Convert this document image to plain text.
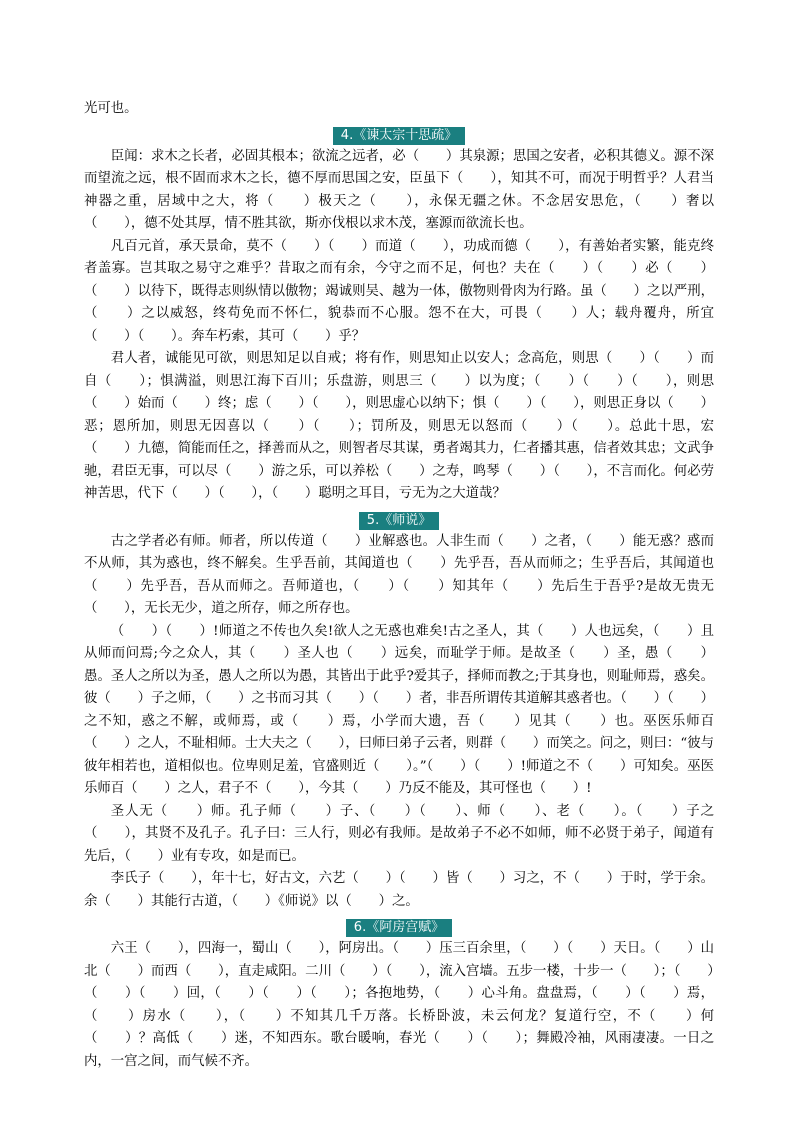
光可也。

4.《谏太宗十思疏》

臣闻：求木之长者，必固其根本；欲流之远者，必（　　）其泉源；思国之安者，必积其德义。源不深而望流之远，根不固而求木之长，德不厚而思国之安，臣虽下（　　），知其不可，而况于明哲乎？人君当神器之重，居域中之大，将（　　）极天之（　　），永保无疆之休。不念居安思危，（　　）奢以（　　），德不处其厚，情不胜其欲，斯亦伐根以求木茂，塞源而欲流长也。

凡百元首，承天景命，莫不（　　）（　　）而道（　　），功成而德（　　），有善始者实繁，能克终者盖寡。岂其取之易守之难乎？昔取之而有余，今守之而不足，何也？夫在（　　）（　　）必（　　）（　　）以待下，既得志则纵情以傲物；竭诚则吴、越为一体，傲物则骨肉为行路。虽（　　）之以严刑，（　　）之以威怒，终苟免而不怀仁，貌恭而不心服。怨不在大，可畏（　　）人；载舟覆舟，所宜（　　）（　　）。奔车朽索，其可（　　）乎？

君人者，诚能见可欲，则思知足以自戒；将有作，则思知止以安人；念高危，则思（　　）（　　）而自（　　）；惧满溢，则思江海下百川；乐盘游，则思三（　　）以为度；（　　）（　　）（　　），则思（　　）始而（　　）终；虑（　　）（　　），则思虚心以纳下；惧（　　）（　　），则思正身以（　　）恶；恩所加，则思无因喜以（　　）（　　）；罚所及，则思无以怒而（　　）（　　）。总此十思，宏（　　）九德，简能而任之，择善而从之，则智者尽其谋，勇者竭其力，仁者播其惠，信者效其忠；文武争驰，君臣无事，可以尽（　　）游之乐，可以养松（　　）之寿，鸣琴（　　）（　　），不言而化。何必劳神苦思，代下（　　）（　　），（　　）聪明之耳目，亏无为之大道哉？

5.《师说》

古之学者必有师。师者，所以传道（　　）业解惑也。人非生而（　　）之者，（　　）能无惑？惑而不从师，其为惑也，终不解矣。生乎吾前，其闻道也（　　）先乎吾，吾从而师之；生乎吾后，其闻道也（　　）先乎吾，吾从而师之。吾师道也，（　　）（　　）知其年（　　）先后生于吾乎?是故无贵无（　　），无长无少，道之所存，师之所存也。

（　　）（　　）!师道之不传也久矣!欲人之无惑也难矣!古之圣人，其（　　）人也远矣，（　　）且从师而问焉;今之众人，其（　　）圣人也（　　）远矣，而耻学于师。是故圣（　　）圣，愚（　　）愚。圣人之所以为圣，愚人之所以为愚，其皆出于此乎?爱其子，择师而教之;于其身也，则耻师焉，惑矣。彼（　　）子之师，（　　）之书而习其（　　）（　　）者，非吾所谓传其道解其惑者也。（　　）（　　）之不知，惑之不解，或师焉，或（　　）焉，小学而大遗，吾（　　）见其（　　）也。巫医乐师百（　　）之人，不耻相师。士大夫之（　　），曰师曰弟子云者，则群（　　）而笑之。问之，则曰：“彼与彼年相若也，道相似也。位卑则足羞，官盛则近（　　）。”（　　）（　　）!师道之不（　　）可知矣。巫医乐师百（　　）之人，君子不（　　），今其（　　）乃反不能及，其可怪也（　　）!

圣人无（　　）师。孔子师（　　）子、（　　）（　　）、师（　　）、老（　　）。（　　）子之（　　），其贤不及孔子。孔子曰：三人行，则必有我师。是故弟子不必不如师，师不必贤于弟子，闻道有先后，（　　）业有专攻，如是而已。

李氏子（　　），年十七，好古文，六艺（　　）（　　）皆（　　）习之，不（　　）于时，学于余。余（　　）其能行古道，（　　）《师说》以（　　）之。

6.《阿房宫赋》

六王（　　），四海一，蜀山（　　），阿房出。（　　）压三百余里，（　　）（　　）天日。（　　）山北（　　）而西（　　），直走咸阳。二川（　　）（　　），流入宫墙。五步一楼，十步一（　　）；（　　）（　　）（　　）回，（　　）（　　）（　　）；各抱地势，（　　）心斗角。盘盘焉，（　　）（　　）焉，（　　）房水（　　），（　　）不知其几千万落。长桥卧波，未云何龙？复道行空，不（　　）何（　　）？高低（　　）迷，不知西东。歌台暖响，春光（　　）（　　）；舞殿冷袖，风雨凄凄。一日之内，一宫之间，而气候不齐。
